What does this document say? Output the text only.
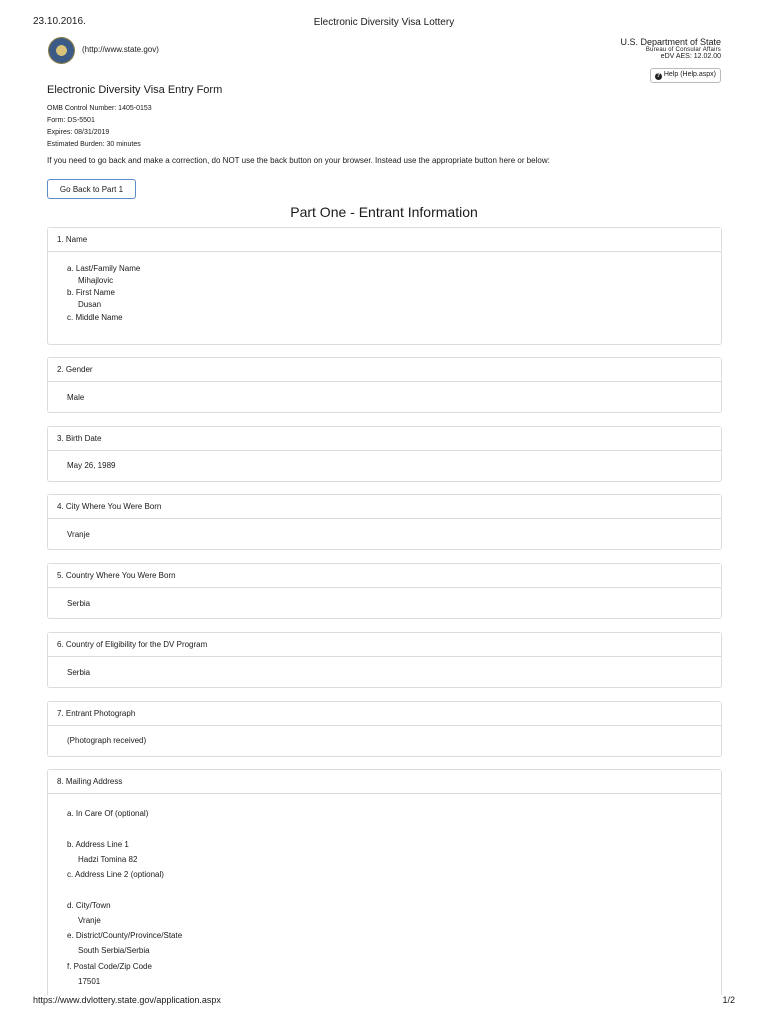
23.10.2016.	Electronic Diversity Visa Lottery
https://www.dvlottery.state.gov/application.aspx	1/2
(http://www.state.gov)
U.S. Department of State
Bureau of Consular Affairs
eDV AES: 12.02.00
? Help (Help.aspx)
Electronic Diversity Visa Entry Form
OMB Control Number: 1405-0153
Form: DS-5501
Expires: 08/31/2019
Estimated Burden: 30 minutes
If you need to go back and make a correction, do NOT use the back button on your browser. Instead use the appropriate button here or below:
Go Back to Part 1
Part One - Entrant Information
1. Name
a. Last/Family Name
Mihajlovic
b. First Name
Dusan
c. Middle Name
2. Gender
Male
3. Birth Date
May 26, 1989
4. City Where You Were Born
Vranje
5. Country Where You Were Born
Serbia
6. Country of Eligibility for the DV Program
Serbia
7. Entrant Photograph
(Photograph received)
8. Mailing Address
a. In Care Of (optional)
b. Address Line 1
Hadzi Tomina 82
c. Address Line 2 (optional)
d. City/Town
Vranje
e. District/County/Province/State
South Serbia/Serbia
f. Postal Code/Zip Code
17501
